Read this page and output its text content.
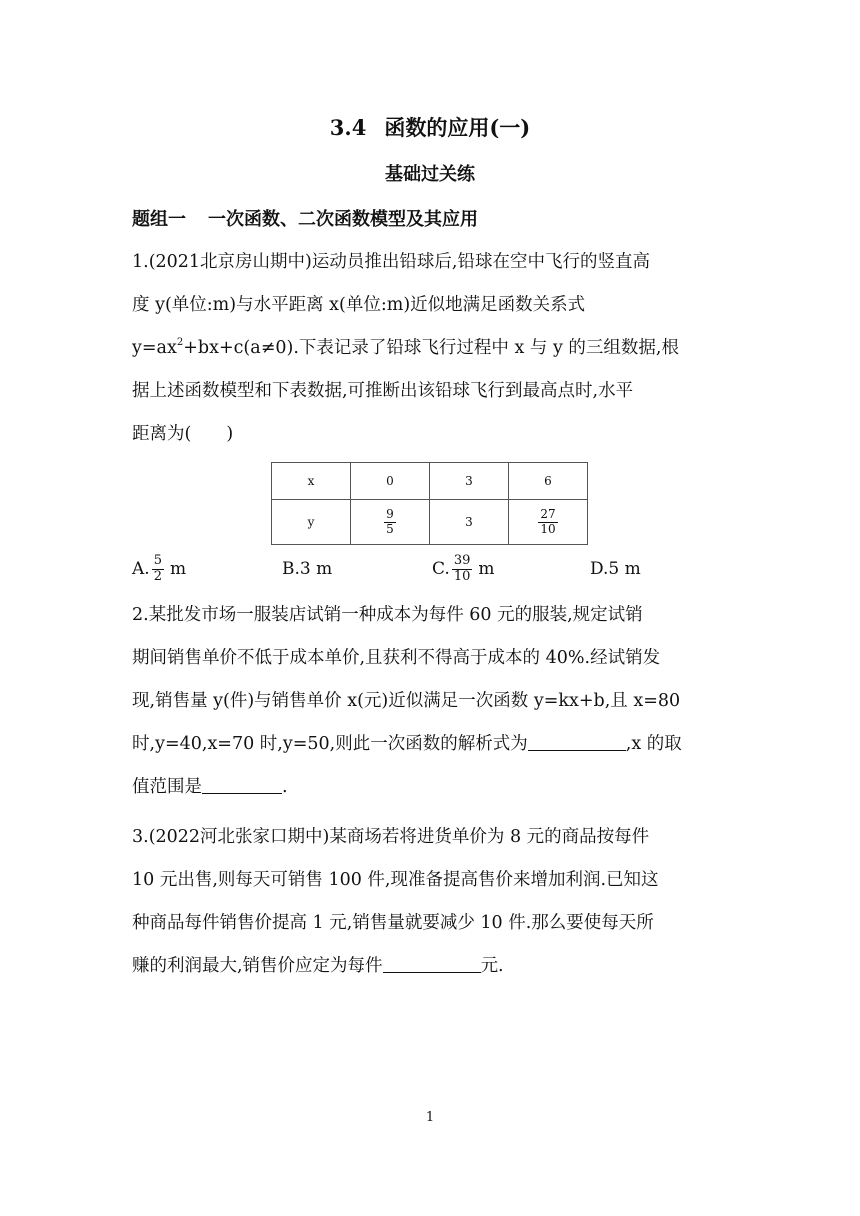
3.4 函数的应用(一)
基础过关练
题组一 一次函数、二次函数模型及其应用
1.(2021北京房山期中)运动员推出铅球后,铅球在空中飞行的竖直高
度 y(单位:m)与水平距离 x(单位:m)近似地满足函数关系式
$y=ax^2+bx+c(a\ne 0)$.下表记录了铅球飞行过程中 x 与 y 的三组数据,根
据上述函数模型和下表数据,可推断出该铅球飞行到最高点时,水平
距离为(　　)
x	0	3	6
y	$\frac{9}{5}$	3	$\frac{27}{10}$
A. $\frac{5}{2}$ m	B.3 m	C. $\frac{39}{10}$ m	D.5 m
2.某批发市场一服装店试销一种成本为每件 60 元的服装,规定试销
期间销售单价不低于成本单价,且获利不得高于成本的 40%.经试销发
现,销售量 y(件)与销售单价 x(元)近似满足一次函数 y=kx+b,且 x=80
时,y=40,x=70 时,y=50,则此一次函数的解析式为	,x 的取
值范围是	.
3.(2022河北张家口期中)某商场若将进货单价为 8 元的商品按每件
10 元出售,则每天可销售 100 件,现准备提高售价来增加利润.已知这
种商品每件销售价提高 1 元,销售量就要减少 10 件.那么要使每天所
赚的利润最大,销售价应定为每件	元.
1
